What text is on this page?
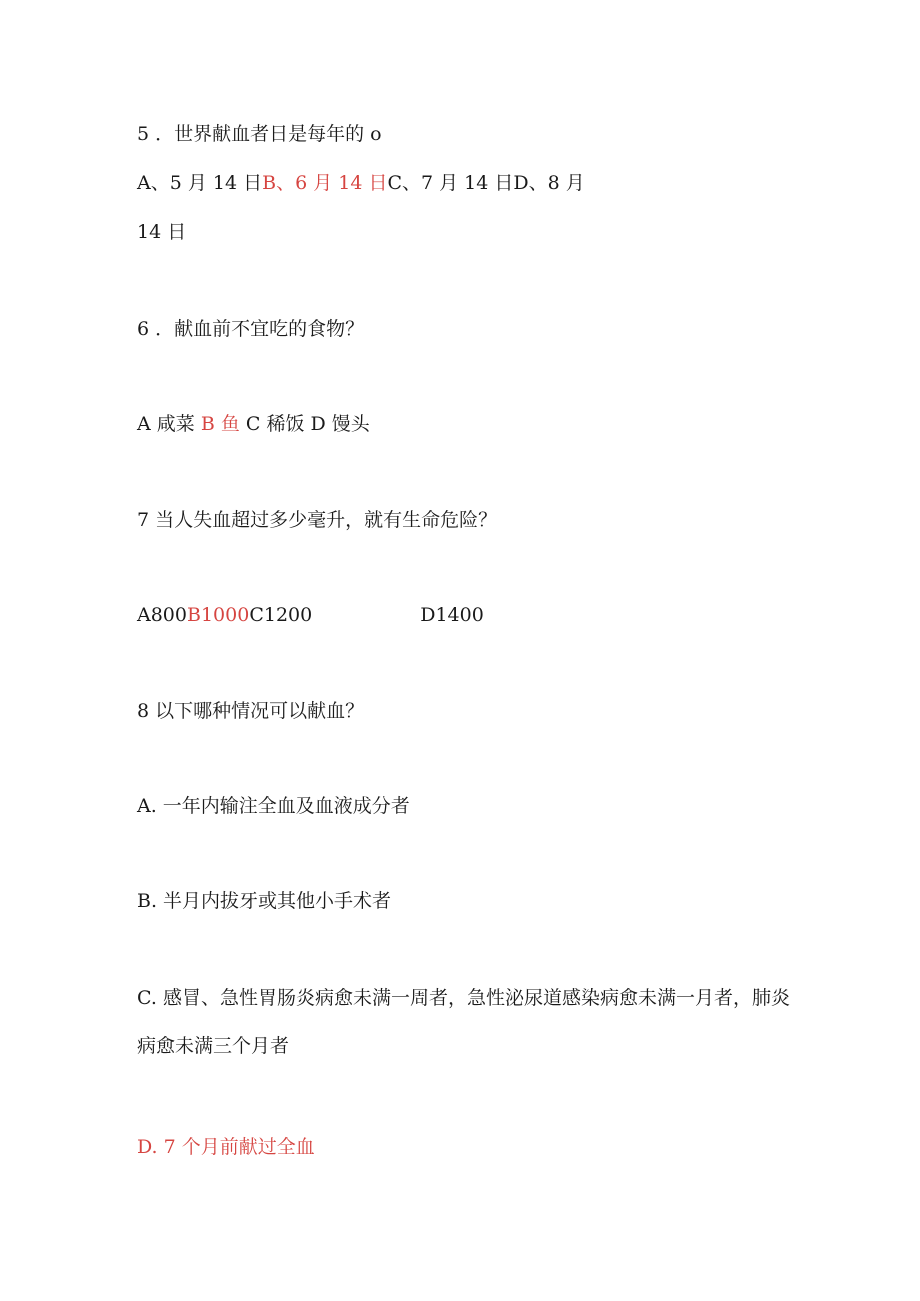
5 ．世界献血者日是每年的 o
A、5 月 14 日B、6 月 14 日C、7 月 14 日D、8 月
14 日
6 ．献血前不宜吃的食物？
A 咸菜 B 鱼 C 稀饭 D 馒头
7 当人失血超过多少毫升，就有生命危险？
A800B1000C1200	D1400
8 以下哪种情况可以献血？
A. 一年内输注全血及血液成分者
B. 半月内拔牙或其他小手术者
C. 感冒、急性胃肠炎病愈未满一周者，急性泌尿道感染病愈未满一月者，肺炎
病愈未满三个月者
D. 7 个月前献过全血
